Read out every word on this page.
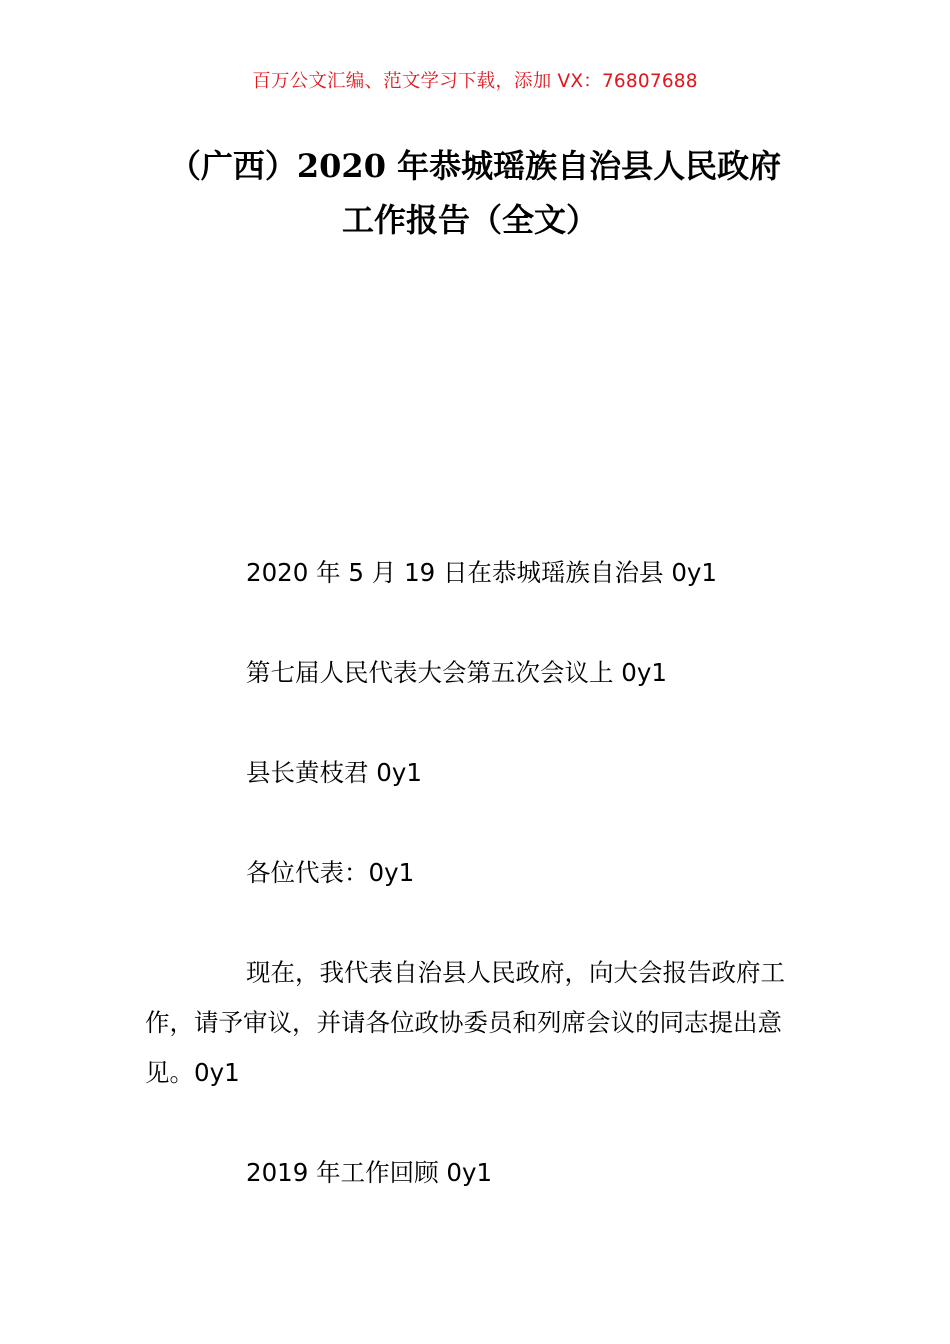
百万公文汇编、范文学习下载，添加 VX：76807688
（广西）2020 年恭城瑶族自治县人民政府
工作报告（全文）

2020 年 5 月 19 日在恭城瑶族自治县 0y1

第七届人民代表大会第五次会议上 0y1

县长黄枝君 0y1

各位代表：0y1

现在，我代表自治县人民政府，向大会报告政府工作，请予审议，并请各位政协委员和列席会议的同志提出意见。0y1

2019 年工作回顾 0y1
